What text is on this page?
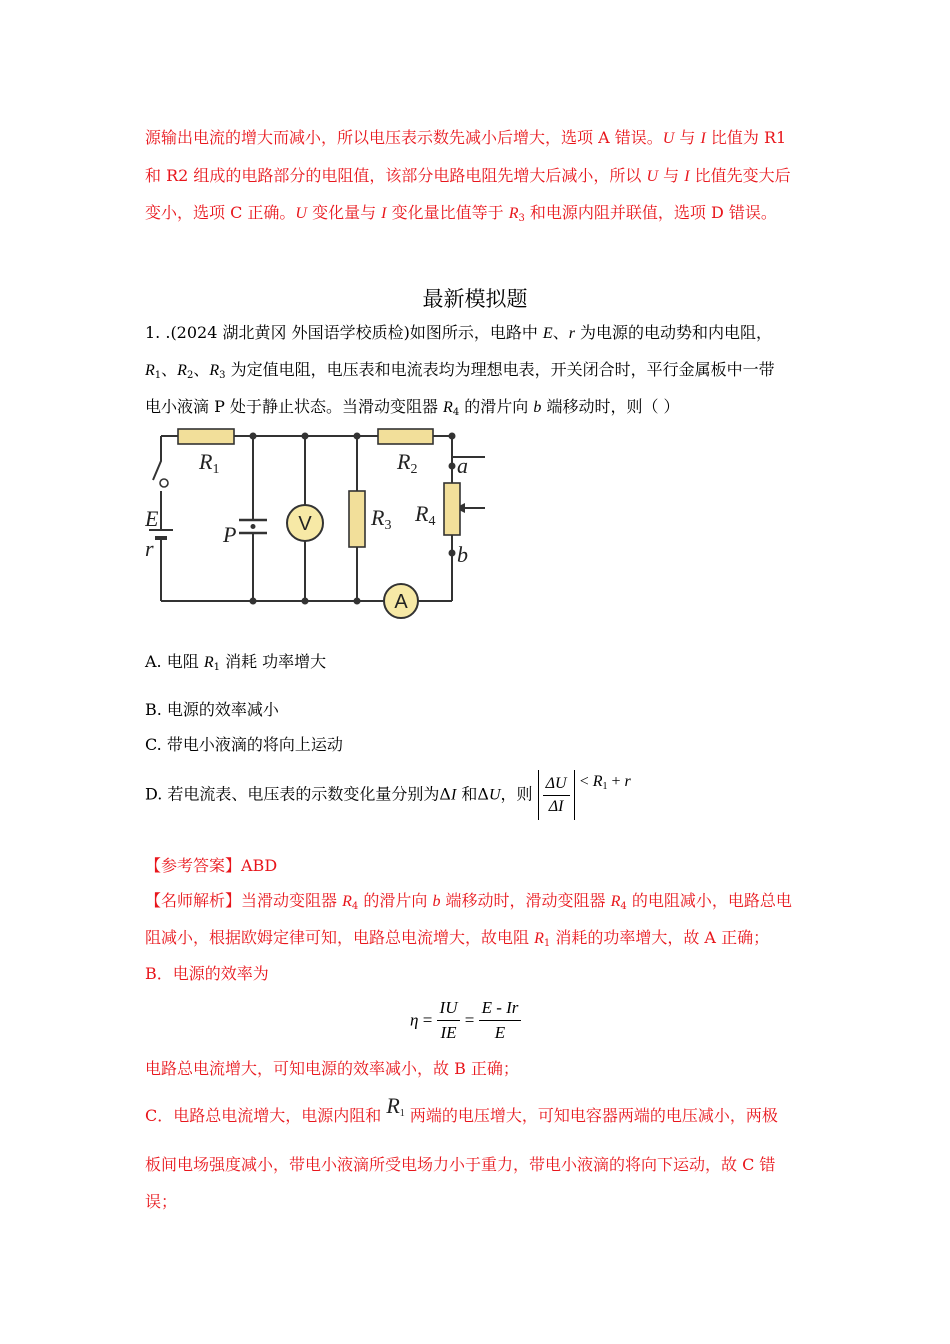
源输出电流的增大而减小，所以电压表示数先减小后增大，选项 A 错误。U 与 I 比值为 R1
和 R2 组成的电路部分的电阻值，该部分电路电阻先增大后减小，所以 U 与 I 比值先变大后
变小，选项 C 正确。U 变化量与 I 变化量比值等于 $R_3$ 和电源内阻并联值，选项 D 错误。
最新模拟题
1. .(2024 湖北黄冈 外国语学校质检)如图所示，电路中 E、r 为电源的电动势和内电阻，
$R_1$、$R_2$、$R_3$ 为定值电阻，电压表和电流表均为理想电表，开关闭合时，平行金属板中一带
电小液滴 P 处于静止状态。当滑动变阻器 $R_4$ 的滑片向 b 端移动时，则（ ）
R1	R2
R3 R4
E
r
P
a
b
V
A
A. 电阻 $R_1$ 消耗 功率增大
B. 电源的效率减小
C. 带电小液滴的将向上运动
D. 若电流表、电压表的示数变化量分别为ΔI 和ΔU，则 $\frac{\Delta U}{\Delta I} < R_1 + r$
【参考答案】ABD
【名师解析】当滑动变阻器 $R_4$ 的滑片向 b 端移动时，滑动变阻器 $R_4$ 的电阻减小，电路总电
阻减小，根据欧姆定律可知，电路总电流增大，故电阻 $R_1$ 消耗的功率增大，故 A 正确；
B．电源的效率为
$\eta = \frac{IU}{IE} = \frac{E - Ir}{E}$
电路总电流增大，可知电源的效率减小，故 B 正确；
C．电路总电流增大，电源内阻和 $R_1$ 两端的电压增大，可知电容器两端的电压减小，两极
板间电场强度减小，带电小液滴所受电场力小于重力，带电小液滴的将向下运动，故 C 错
误；
